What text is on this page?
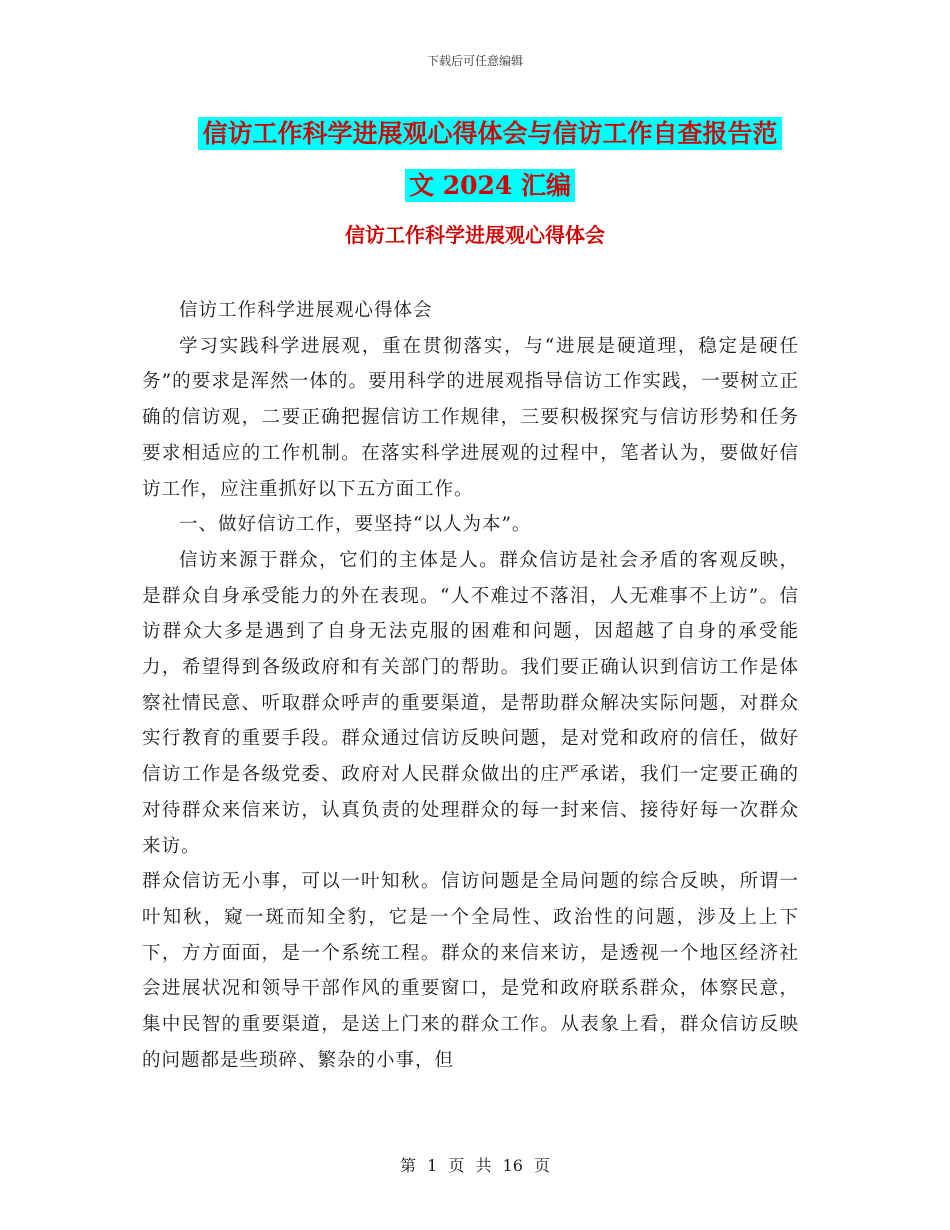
下载后可任意编辑
信访工作科学进展观心得体会与信访工作自查报告范
文 2024 汇编
信访工作科学进展观心得体会

信访工作科学进展观心得体会

学习实践科学进展观，重在贯彻落实，与“进展是硬道理，稳定是硬任务”的要求是浑然一体的。要用科学的进展观指导信访工作实践，一要树立正确的信访观，二要正确把握信访工作规律，三要积极探究与信访形势和任务要求相适应的工作机制。在落实科学进展观的过程中，笔者认为，要做好信访工作，应注重抓好以下五方面工作。

一、做好信访工作，要坚持“以人为本”。

信访来源于群众，它们的主体是人。群众信访是社会矛盾的客观反映，是群众自身承受能力的外在表现。“人不难过不落泪，人无难事不上访”。信访群众大多是遇到了自身无法克服的困难和问题，因超越了自身的承受能力，希望得到各级政府和有关部门的帮助。我们要正确认识到信访工作是体察社情民意、听取群众呼声的重要渠道，是帮助群众解决实际问题，对群众实行教育的重要手段。群众通过信访反映问题，是对党和政府的信任，做好信访工作是各级党委、政府对人民群众做出的庄严承诺，我们一定要正确的对待群众来信来访，认真负责的处理群众的每一封来信、接待好每一次群众来访。

群众信访无小事，可以一叶知秋。信访问题是全局问题的综合反映，所谓一叶知秋，窥一斑而知全豹，它是一个全局性、政治性的问题，涉及上上下下，方方面面，是一个系统工程。群众的来信来访，是透视一个地区经济社会进展状况和领导干部作风的重要窗口，是党和政府联系群众，体察民意，集中民智的重要渠道，是送上门来的群众工作。从表象上看，群众信访反映的问题都是些琐碎、繁杂的小事，但

第 1 页 共 16 页
